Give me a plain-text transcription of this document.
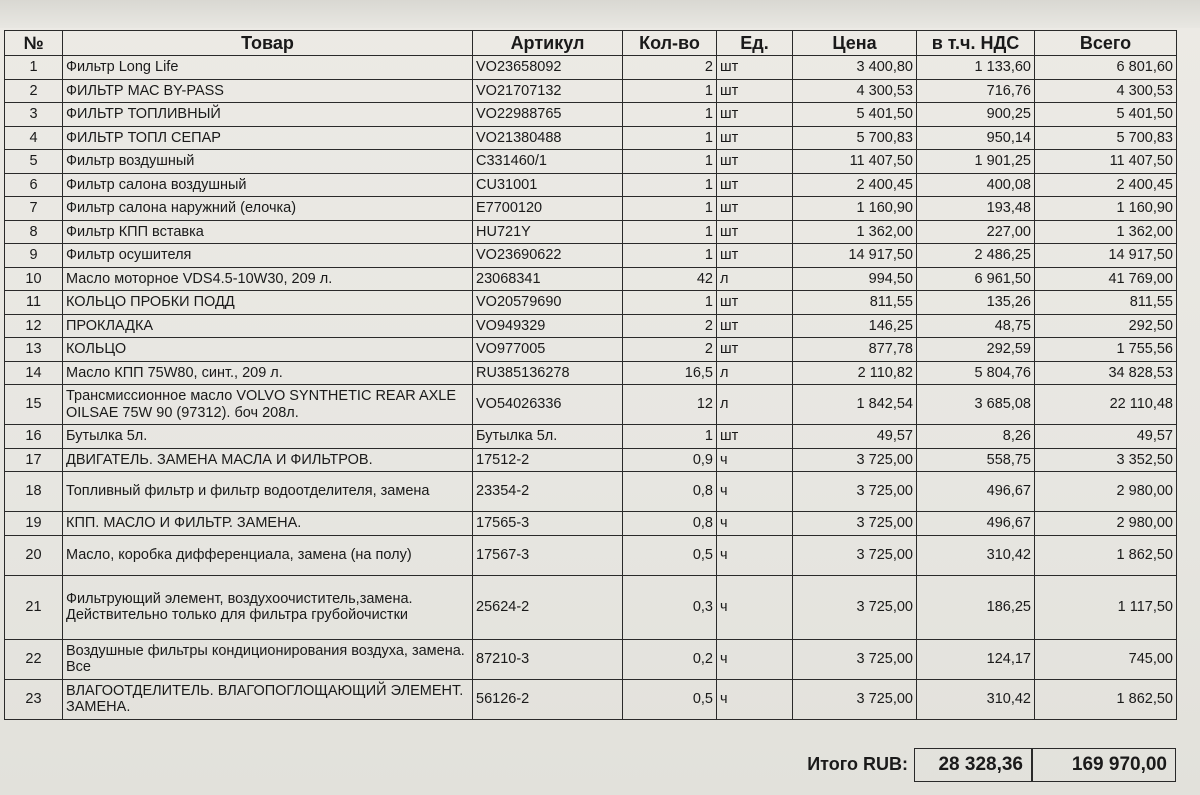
№	Товар	Артикул	Кол-во	Ед.	Цена	в т.ч. НДС	Всего
1	Фильтр Long Life	VO23658092	2	шт	3 400,80	1 133,60	6 801,60
2	ФИЛЬТР МАС BY-PASS	VO21707132	1	шт	4 300,53	716,76	4 300,53
3	ФИЛЬТР ТОПЛИВНЫЙ	VO22988765	1	шт	5 401,50	900,25	5 401,50
4	ФИЛЬТР ТОПЛ СЕПАР	VO21380488	1	шт	5 700,83	950,14	5 700,83
5	Фильтр воздушный	C331460/1	1	шт	11 407,50	1 901,25	11 407,50
6	Фильтр салона воздушный	CU31001	1	шт	2 400,45	400,08	2 400,45
7	Фильтр салона наружний (елочка)	E7700120	1	шт	1 160,90	193,48	1 160,90
8	Фильтр КПП вставка	HU721Y	1	шт	1 362,00	227,00	1 362,00
9	Фильтр осушителя	VO23690622	1	шт	14 917,50	2 486,25	14 917,50
10	Масло моторное VDS4.5-10W30, 209 л.	23068341	42	л	994,50	6 961,50	41 769,00
11	КОЛЬЦО ПРОБКИ ПОДД	VO20579690	1	шт	811,55	135,26	811,55
12	ПРОКЛАДКА	VO949329	2	шт	146,25	48,75	292,50
13	КОЛЬЦО	VO977005	2	шт	877,78	292,59	1 755,56
14	Масло КПП 75W80, синт., 209 л.	RU385136278	16,5	л	2 110,82	5 804,76	34 828,53
15	Трансмиссионное масло VOLVO SYNTHETIC REAR AXLE OILSAE 75W 90 (97312). боч 208л.	VO54026336	12	л	1 842,54	3 685,08	22 110,48
16	Бутылка 5л.	Бутылка 5л.	1	шт	49,57	8,26	49,57
17	ДВИГАТЕЛЬ. ЗАМЕНА МАСЛА И ФИЛЬТРОВ.	17512-2	0,9	ч	3 725,00	558,75	3 352,50
18	Топливный фильтр и фильтр водоотделителя, замена	23354-2	0,8	ч	3 725,00	496,67	2 980,00
19	КПП. МАСЛО И ФИЛЬТР. ЗАМЕНА.	17565-3	0,8	ч	3 725,00	496,67	2 980,00
20	Масло, коробка дифференциала, замена (на полу)	17567-3	0,5	ч	3 725,00	310,42	1 862,50
21	Фильтрующий элемент, воздухоочиститель,замена. Действительно только для фильтра грубойочистки	25624-2	0,3	ч	3 725,00	186,25	1 117,50
22	Воздушные фильтры кондиционирования воздуха, замена. Все	87210-3	0,2	ч	3 725,00	124,17	745,00
23	ВЛАГООТДЕЛИТЕЛЬ. ВЛАГОПОГЛОЩАЮЩИЙ ЭЛЕМЕНТ. ЗАМЕНА.	56126-2	0,5	ч	3 725,00	310,42	1 862,50
Итого RUB:	28 328,36	169 970,00
